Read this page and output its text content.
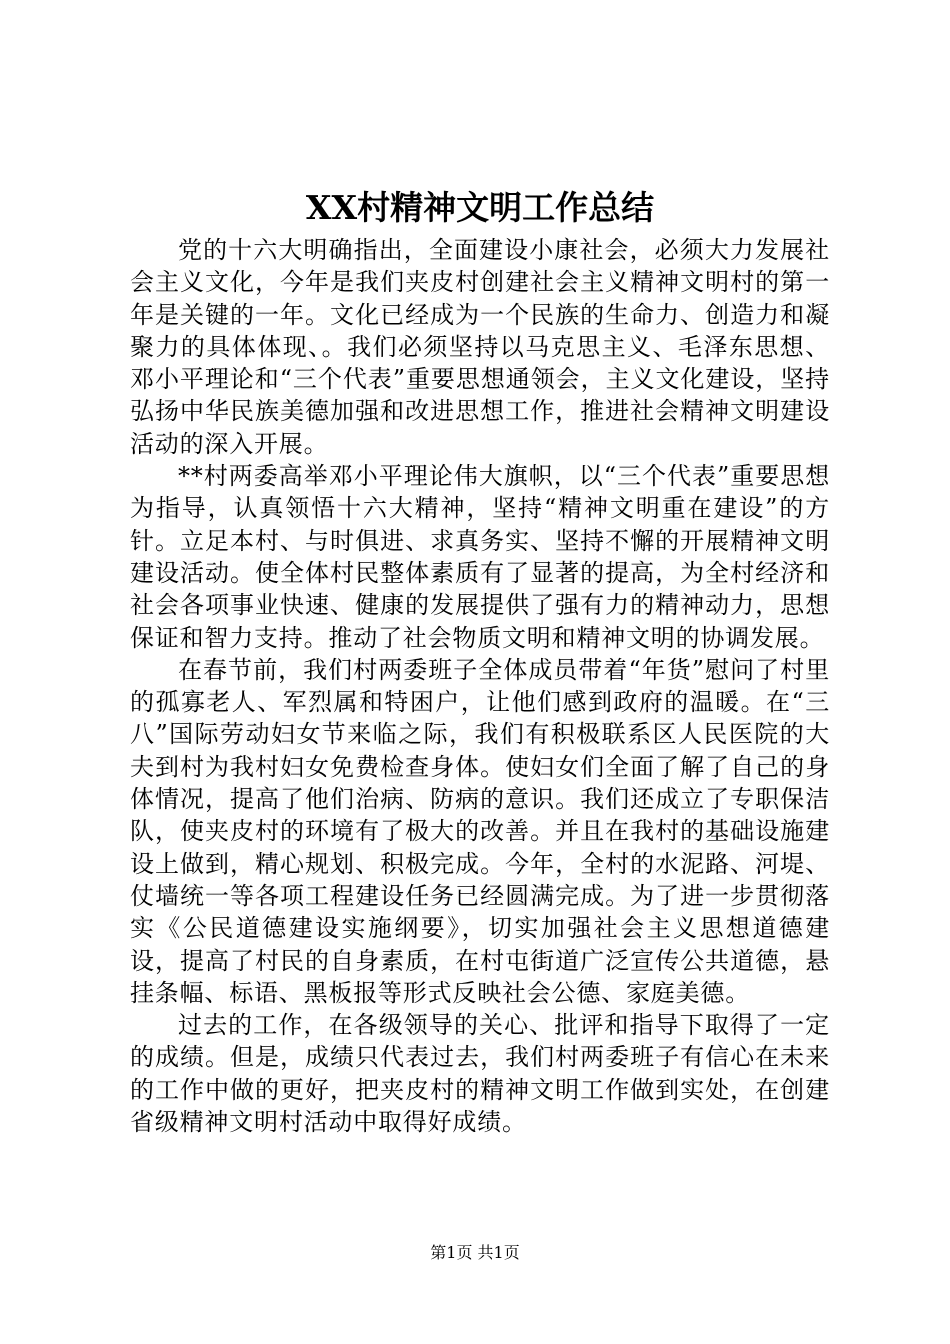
XX村精神文明工作总结

党的十六大明确指出，全面建设小康社会，必须大力发展社会主义文化，今年是我们夹皮村创建社会主义精神文明村的第一年是关键的一年。文化已经成为一个民族的生命力、创造力和凝聚力的具体体现、。我们必须坚持以马克思主义、毛泽东思想、邓小平理论和“三个代表”重要思想通领会，主义文化建设，坚持弘扬中华民族美德加强和改进思想工作，推进社会精神文明建设活动的深入开展。

**村两委高举邓小平理论伟大旗帜，以“三个代表”重要思想为指导，认真领悟十六大精神，坚持“精神文明重在建设”的方针。立足本村、与时俱进、求真务实、坚持不懈的开展精神文明建设活动。使全体村民整体素质有了显著的提高，为全村经济和社会各项事业快速、健康的发展提供了强有力的精神动力，思想保证和智力支持。推动了社会物质文明和精神文明的协调发展。

在春节前，我们村两委班子全体成员带着“年货”慰问了村里的孤寡老人、军烈属和特困户，让他们感到政府的温暖。在“三八”国际劳动妇女节来临之际，我们有积极联系区人民医院的大夫到村为我村妇女免费检查身体。使妇女们全面了解了自己的身体情况，提高了他们治病、防病的意识。我们还成立了专职保洁队，使夹皮村的环境有了极大的改善。并且在我村的基础设施建设上做到，精心规划、积极完成。今年，全村的水泥路、河堤、仗墙统一等各项工程建设任务已经圆满完成。为了进一步贯彻落实《公民道德建设实施纲要》，切实加强社会主义思想道德建设，提高了村民的自身素质，在村屯街道广泛宣传公共道德，悬挂条幅、标语、黑板报等形式反映社会公德、家庭美德。

过去的工作，在各级领导的关心、批评和指导下取得了一定的成绩。但是，成绩只代表过去，我们村两委班子有信心在未来的工作中做的更好，把夹皮村的精神文明工作做到实处，在创建省级精神文明村活动中取得好成绩。

第1页 共1页
